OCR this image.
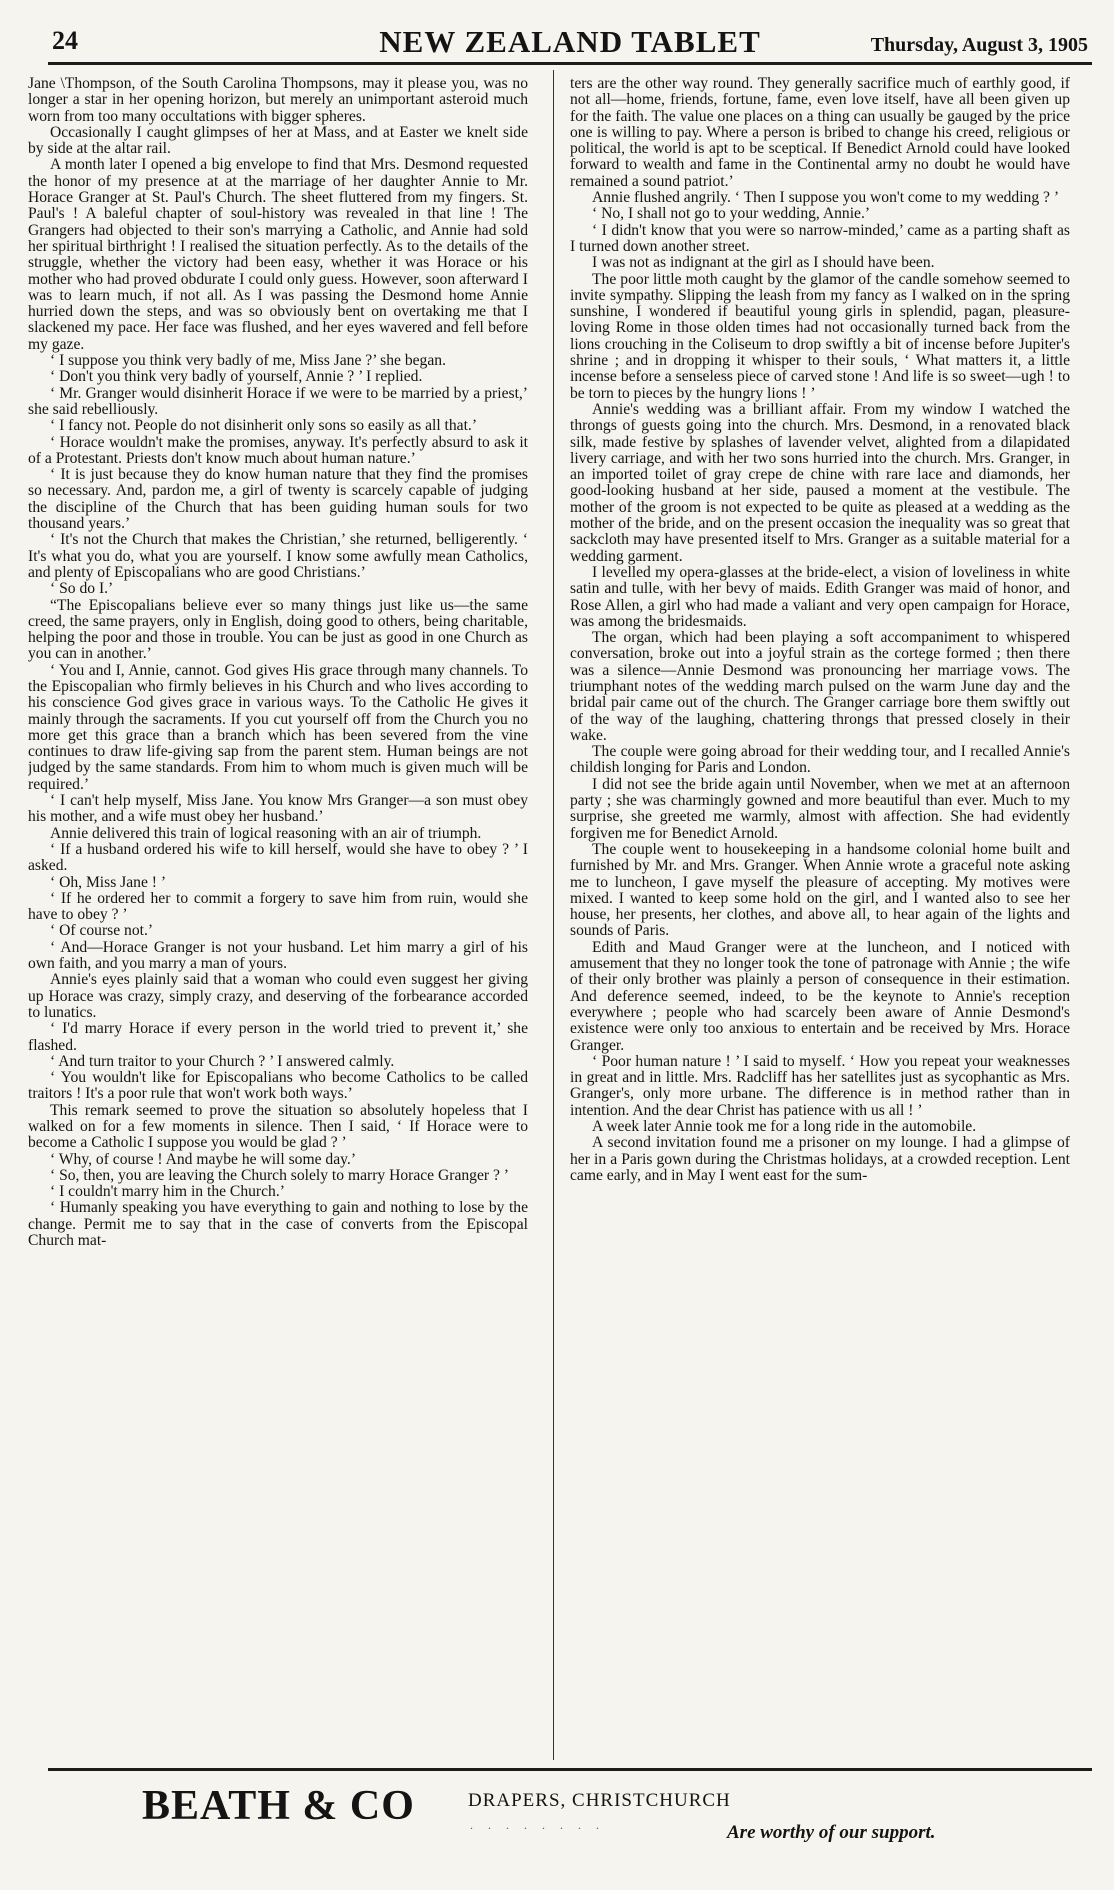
24	NEW ZEALAND TABLET	Thursday, August 3, 1905

Jane \Thompson, of the South Carolina Thompsons, may it please you, was no longer a star in her opening horizon, but merely an unimportant asteroid much worn from too many occultations with bigger spheres.

Occasionally I caught glimpses of her at Mass, and at Easter we knelt side by side at the altar rail.

A month later I opened a big envelope to find that Mrs. Desmond requested the honor of my presence at at the marriage of her daughter Annie to Mr. Horace Granger at St. Paul's Church. The sheet fluttered from my fingers. St. Paul's ! A baleful chapter of soul-history was revealed in that line ! The Grangers had objected to their son's marrying a Catholic, and Annie had sold her spiritual birthright ! I realised the situation perfectly. As to the details of the struggle, whether the victory had been easy, whether it was Horace or his mother who had proved obdurate I could only guess. However, soon afterward I was to learn much, if not all. As I was passing the Desmond home Annie hurried down the steps, and was so obviously bent on overtaking me that I slackened my pace. Her face was flushed, and her eyes wavered and fell before my gaze.

‘ I suppose you think very badly of me, Miss Jane ?’ she began.

‘ Don't you think very badly of yourself, Annie ? ’ I replied.

‘ Mr. Granger would disinherit Horace if we were to be married by a priest,’ she said rebelliously.

‘ I fancy not. People do not disinherit only sons so easily as all that.’

‘ Horace wouldn't make the promises, anyway. It's perfectly absurd to ask it of a Protestant. Priests don't know much about human nature.’

‘ It is just because they do know human nature that they find the promises so necessary. And, pardon me, a girl of twenty is scarcely capable of judging the discipline of the Church that has been guiding human souls for two thousand years.’

‘ It's not the Church that makes the Christian,’ she returned, belligerently. ‘ It's what you do, what you are yourself. I know some awfully mean Catholics, and plenty of Episcopalians who are good Christians.’

‘ So do I.’

“The Episcopalians believe ever so many things just like us—the same creed, the same prayers, only in English, doing good to others, being charitable, helping the poor and those in trouble. You can be just as good in one Church as you can in another.’

‘ You and I, Annie, cannot. God gives His grace through many channels. To the Episcopalian who firmly believes in his Church and who lives according to his conscience God gives grace in various ways. To the Catholic He gives it mainly through the sacraments. If you cut yourself off from the Church you no more get this grace than a branch which has been severed from the vine continues to draw life-giving sap from the parent stem. Human beings are not judged by the same standards. From him to whom much is given much will be required.’

‘ I can't help myself, Miss Jane. You know Mrs Granger—a son must obey his mother, and a wife must obey her husband.’

Annie delivered this train of logical reasoning with an air of triumph.

‘ If a husband ordered his wife to kill herself, would she have to obey ? ’ I asked.

‘ Oh, Miss Jane ! ’

‘ If he ordered her to commit a forgery to save him from ruin, would she have to obey ? ’

‘ Of course not.’

‘ And—Horace Granger is not your husband. Let him marry a girl of his own faith, and you marry a man of yours.

Annie's eyes plainly said that a woman who could even suggest her giving up Horace was crazy, simply crazy, and deserving of the forbearance accorded to lunatics.

‘ I'd marry Horace if every person in the world tried to prevent it,’ she flashed.

‘ And turn traitor to your Church ? ’ I answered calmly.

‘ You wouldn't like for Episcopalians who become Catholics to be called traitors ! It's a poor rule that won't work both ways.’

This remark seemed to prove the situation so absolutely hopeless that I walked on for a few moments in silence. Then I said, ‘ If Horace were to become a Catholic I suppose you would be glad ? ’

‘ Why, of course ! And maybe he will some day.’

‘ So, then, you are leaving the Church solely to marry Horace Granger ? ’

‘ I couldn't marry him in the Church.’

‘ Humanly speaking you have everything to gain and nothing to lose by the change. Permit me to say that in the case of converts from the Episcopal Church mat-

ters are the other way round. They generally sacrifice much of earthly good, if not all—home, friends, fortune, fame, even love itself, have all been given up for the faith. The value one places on a thing can usually be gauged by the price one is willing to pay. Where a person is bribed to change his creed, religious or political, the world is apt to be sceptical. If Benedict Arnold could have looked forward to wealth and fame in the Continental army no doubt he would have remained a sound patriot.’

Annie flushed angrily. ‘ Then I suppose you won't come to my wedding ? ’

‘ No, I shall not go to your wedding, Annie.’

‘ I didn't know that you were so narrow-minded,’ came as a parting shaft as I turned down another street.

I was not as indignant at the girl as I should have been.

The poor little moth caught by the glamor of the candle somehow seemed to invite sympathy. Slipping the leash from my fancy as I walked on in the spring sunshine, I wondered if beautiful young girls in splendid, pagan, pleasure-loving Rome in those olden times had not occasionally turned back from the lions crouching in the Coliseum to drop swiftly a bit of incense before Jupiter's shrine ; and in dropping it whisper to their souls, ‘ What matters it, a little incense before a senseless piece of carved stone ! And life is so sweet—ugh ! to be torn to pieces by the hungry lions ! ’

Annie's wedding was a brilliant affair. From my window I watched the throngs of guests going into the church. Mrs. Desmond, in a renovated black silk, made festive by splashes of lavender velvet, alighted from a dilapidated livery carriage, and with her two sons hurried into the church. Mrs. Granger, in an imported toilet of gray crepe de chine with rare lace and diamonds, her good-looking husband at her side, paused a moment at the vestibule. The mother of the groom is not expected to be quite as pleased at a wedding as the mother of the bride, and on the present occasion the inequality was so great that sackcloth may have presented itself to Mrs. Granger as a suitable material for a wedding garment.

I levelled my opera-glasses at the bride-elect, a vision of loveliness in white satin and tulle, with her bevy of maids. Edith Granger was maid of honor, and Rose Allen, a girl who had made a valiant and very open campaign for Horace, was among the bridesmaids.

The organ, which had been playing a soft accompaniment to whispered conversation, broke out into a joyful strain as the cortege formed ; then there was a silence—Annie Desmond was pronouncing her marriage vows. The triumphant notes of the wedding march pulsed on the warm June day and the bridal pair came out of the church. The Granger carriage bore them swiftly out of the way of the laughing, chattering throngs that pressed closely in their wake.

The couple were going abroad for their wedding tour, and I recalled Annie's childish longing for Paris and London.

I did not see the bride again until November, when we met at an afternoon party ; she was charmingly gowned and more beautiful than ever. Much to my surprise, she greeted me warmly, almost with affection. She had evidently forgiven me for Benedict Arnold.

The couple went to housekeeping in a handsome colonial home built and furnished by Mr. and Mrs. Granger. When Annie wrote a graceful note asking me to luncheon, I gave myself the pleasure of accepting. My motives were mixed. I wanted to keep some hold on the girl, and I wanted also to see her house, her presents, her clothes, and above all, to hear again of the lights and sounds of Paris.

Edith and Maud Granger were at the luncheon, and I noticed with amusement that they no longer took the tone of patronage with Annie ; the wife of their only brother was plainly a person of consequence in their estimation. And deference seemed, indeed, to be the keynote to Annie's reception everywhere ; people who had scarcely been aware of Annie Desmond's existence were only too anxious to entertain and be received by Mrs. Horace Granger.

‘ Poor human nature ! ’ I said to myself. ‘ How you repeat your weaknesses in great and in little. Mrs. Radcliff has her satellites just as sycophantic as Mrs. Granger's, only more urbane. The difference is in method rather than in intention. And the dear Christ has patience with us all ! ’

A week later Annie took me for a long ride in the automobile.

A second invitation found me a prisoner on my lounge. I had a glimpse of her in a Paris gown during the Christmas holidays, at a crowded reception. Lent came early, and in May I went east for the sum-

BEATH & CO	DRAPERS, CHRISTCHURCH
. . . . . . . .	Are worthy of our support.
